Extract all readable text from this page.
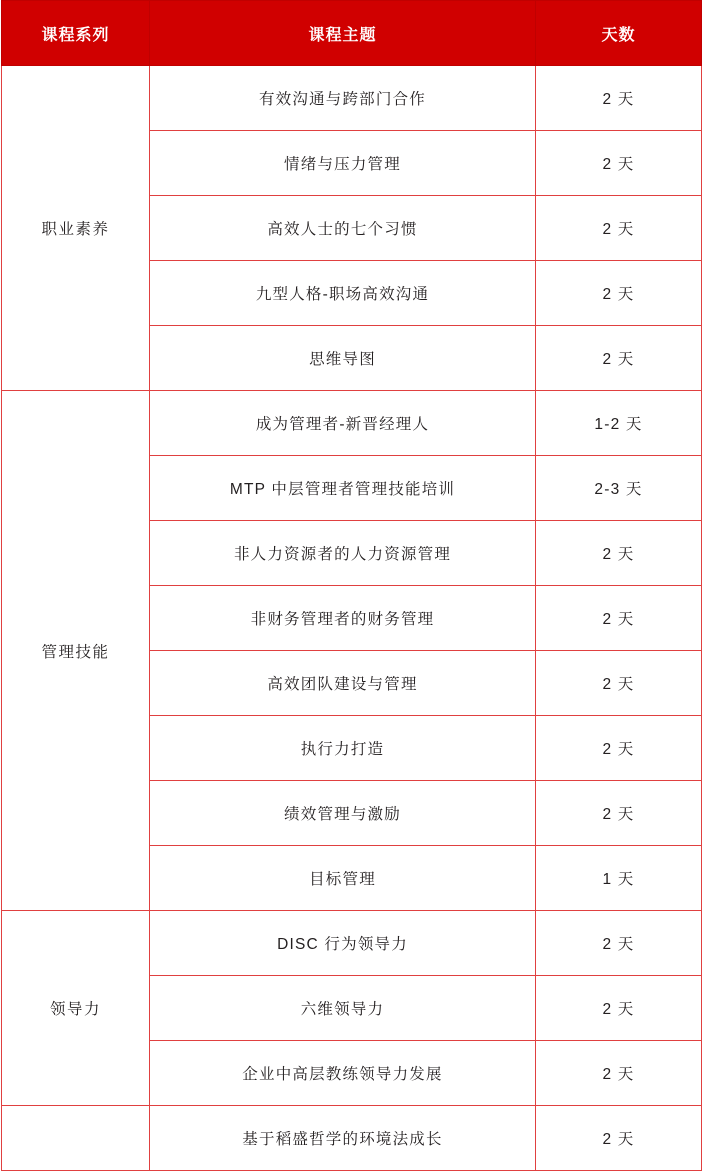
课程系列	课程主题	天数
职业素养	有效沟通与跨部门合作	2 天
	情绪与压力管理	2 天
	高效人士的七个习惯	2 天
	九型人格-职场高效沟通	2 天
	思维导图	2 天
管理技能	成为管理者-新晋经理人	1-2 天
	MTP 中层管理者管理技能培训	2-3 天
	非人力资源者的人力资源管理	2 天
	非财务管理者的财务管理	2 天
	高效团队建设与管理	2 天
	执行力打造	2 天
	绩效管理与激励	2 天
	目标管理	1 天
领导力	DISC 行为领导力	2 天
	六维领导力	2 天
	企业中高层教练领导力发展	2 天
	基于稻盛哲学的环境法成长	2 天
